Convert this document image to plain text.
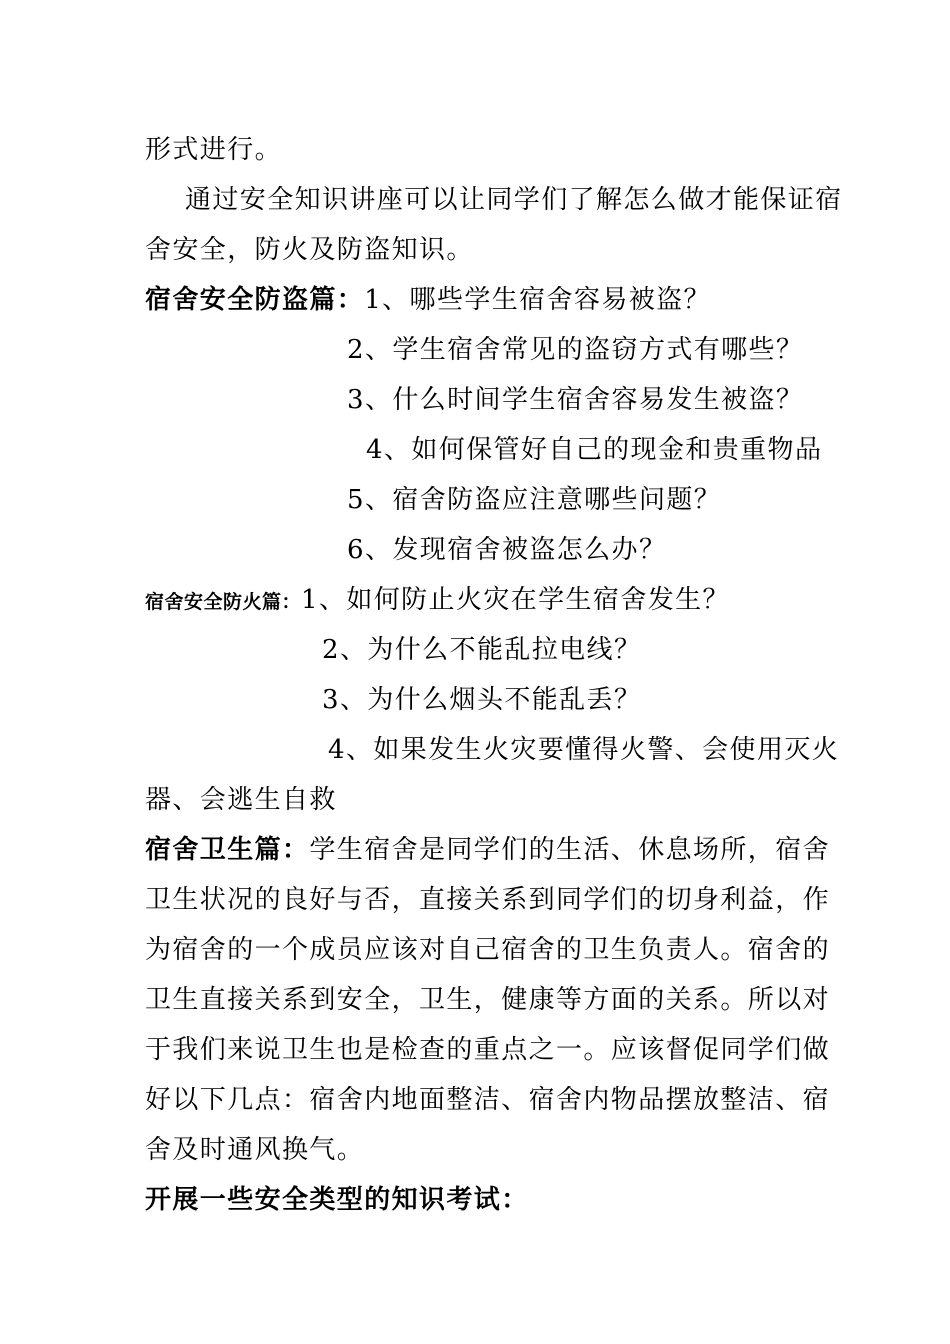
形式进行。
通过安全知识讲座可以让同学们了解怎么做才能保证宿
舍安全，防火及防盗知识。
宿舍安全防盗篇：1、哪些学生宿舍容易被盗？
2、学生宿舍常见的盗窃方式有哪些？
3、什么时间学生宿舍容易发生被盗？
4、如何保管好自己的现金和贵重物品
5、宿舍防盗应注意哪些问题？
6、发现宿舍被盗怎么办？
宿舍安全防火篇：1、如何防止火灾在学生宿舍发生？
2、为什么不能乱拉电线？
3、为什么烟头不能乱丢？
4、如果发生火灾要懂得火警、会使用灭火
器、会逃生自救
宿舍卫生篇：学生宿舍是同学们的生活、休息场所，宿舍
卫生状况的良好与否，直接关系到同学们的切身利益，作
为宿舍的一个成员应该对自己宿舍的卫生负责人。宿舍的
卫生直接关系到安全，卫生，健康等方面的关系。所以对
于我们来说卫生也是检查的重点之一。应该督促同学们做
好以下几点：宿舍内地面整洁、宿舍内物品摆放整洁、宿
舍及时通风换气。
开展一些安全类型的知识考试：
